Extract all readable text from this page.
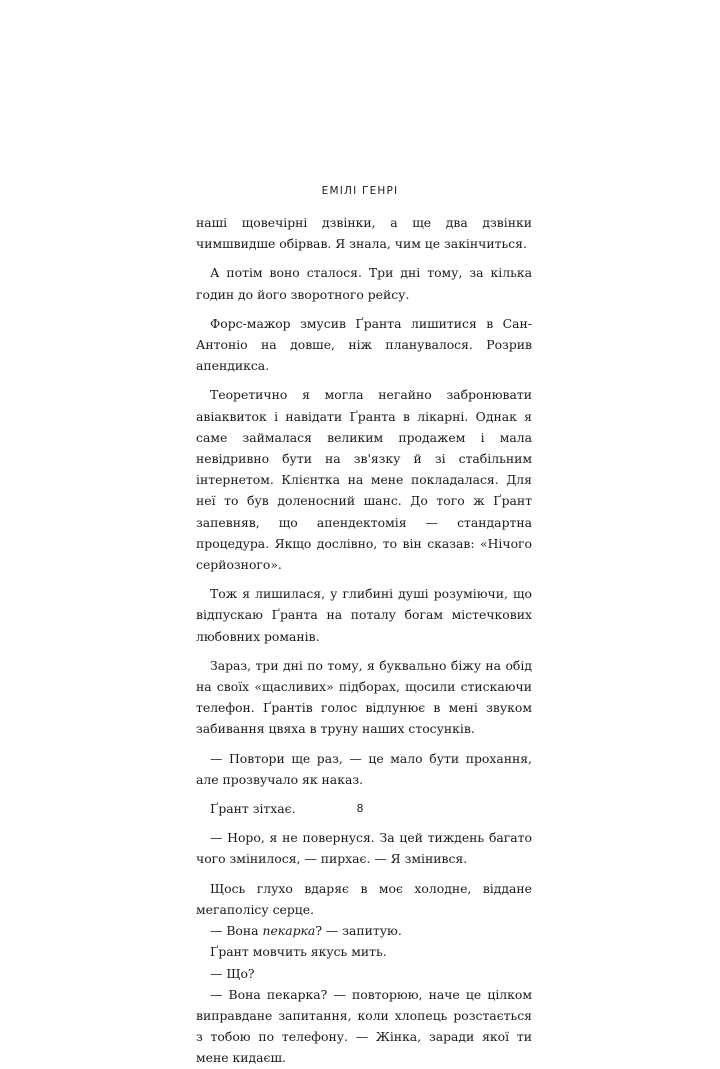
ЕМІЛІ ГЕНРІ

наші щовечірні дзвінки, а ще два дзвінки чимшвидше обірвав. Я знала, чим це закінчиться.

А потім воно сталося. Три дні тому, за кілька годин до його зворотного рейсу.

Форс-мажор змусив Ґранта лишитися в Сан-Антоніо на довше, ніж планувалося. Розрив апендикса.

Теоретично я могла негайно забронювати авіаквиток і навідати Ґранта в лікарні. Однак я саме займалася великим продажем і мала невідривно бути на зв'язку й зі стабільним інтернетом. Клієнтка на мене покладалася. Для неї то був доленосний шанс. До того ж Ґрант запевняв, що апендектомія — стандартна процедура. Якщо дослівно, то він сказав: «Нічого серйозного».

Тож я лишилася, у глибині душі розуміючи, що відпускаю Ґранта на поталу богам містечкових любовних романів.

Зараз, три дні по тому, я буквально біжу на обід на своїх «щасливих» підборах, щосили стискаючи телефон. Ґрантів голос відлунює в мені звуком забивання цвяха в труну наших стосунків.

— Повтори ще раз, — це мало бути прохання, але прозвучало як наказ.

Ґрант зітхає.

— Норо, я не повернуся. За цей тиждень багато чого змінилося, — пирхає. — Я змінився.

Щось глухо вдаряє в моє холодне, віддане мегаполісу серце.

— Вона пекарка? — запитую.

Ґрант мовчить якусь мить.

— Що?

— Вона пекарка? — повторюю, наче це цілком виправдане запитання, коли хлопець розстається з тобою по телефону. — Жінка, заради якої ти мене кидаєш.

8
